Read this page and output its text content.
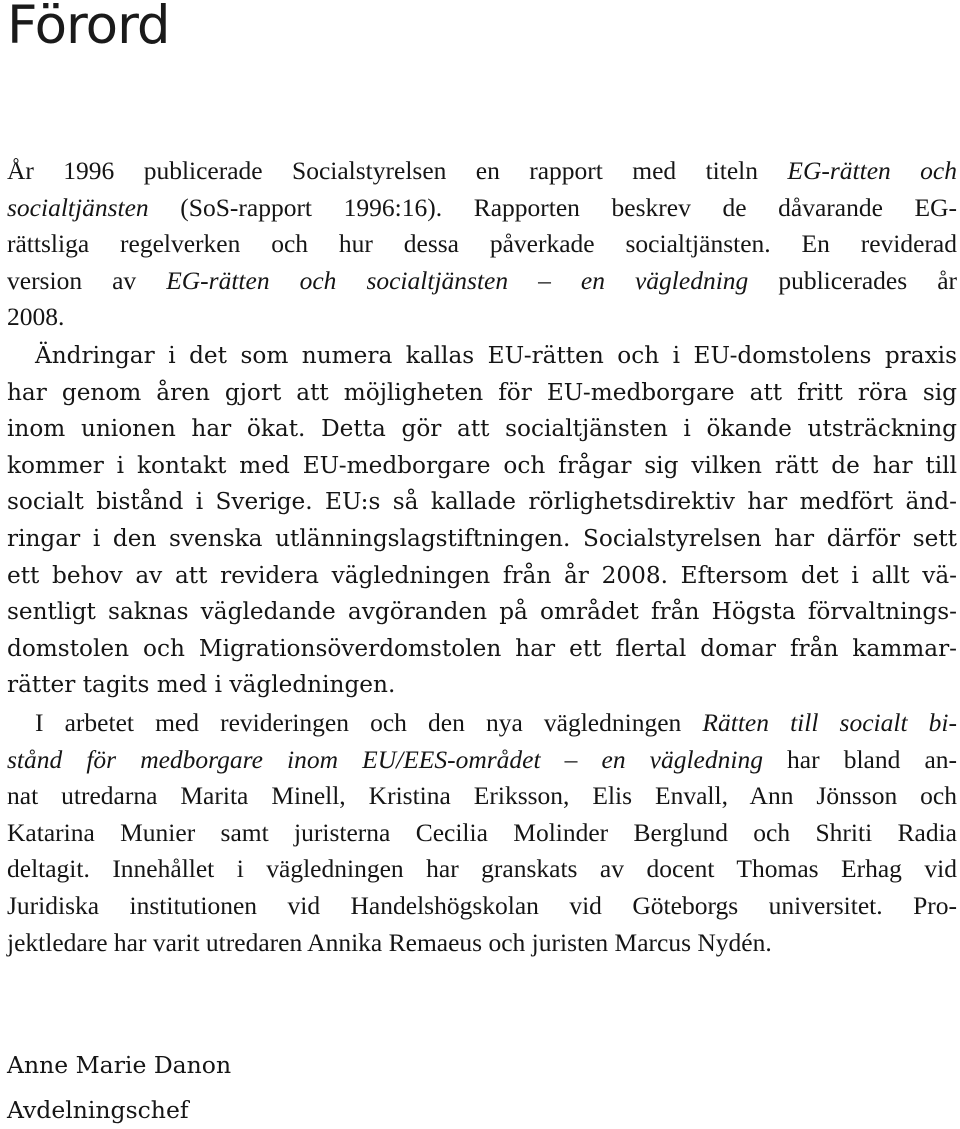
Förord
År 1996 publicerade Socialstyrelsen en rapport med titeln EG-rätten och
socialtjänsten (SoS-rapport 1996:16). Rapporten beskrev de dåvarande EG-
rättsliga regelverken och hur dessa påverkade socialtjänsten. En reviderad
version av EG-rätten och socialtjänsten – en vägledning publicerades år
2008.
Ändringar i det som numera kallas EU-rätten och i EU-domstolens praxis
har genom åren gjort att möjligheten för EU-medborgare att fritt röra sig
inom unionen har ökat. Detta gör att socialtjänsten i ökande utsträckning
kommer i kontakt med EU-medborgare och frågar sig vilken rätt de har till
socialt bistånd i Sverige. EU:s så kallade rörlighetsdirektiv har medfört änd-
ringar i den svenska utlänningslagstiftningen. Socialstyrelsen har därför sett
ett behov av att revidera vägledningen från år 2008. Eftersom det i allt vä-
sentligt saknas vägledande avgöranden på området från Högsta förvaltnings-
domstolen och Migrationsöverdomstolen har ett flertal domar från kammar-
rätter tagits med i vägledningen.
I arbetet med revideringen och den nya vägledningen Rätten till socialt bi-
stånd för medborgare inom EU/EES-området – en vägledning har bland an-
nat utredarna Marita Minell, Kristina Eriksson, Elis Envall, Ann Jönsson och
Katarina Munier samt juristerna Cecilia Molinder Berglund och Shriti Radia
deltagit. Innehållet i vägledningen har granskats av docent Thomas Erhag vid
Juridiska institutionen vid Handelshögskolan vid Göteborgs universitet. Pro-
jektledare har varit utredaren Annika Remaeus och juristen Marcus Nydén.
Anne Marie Danon
Avdelningschef
